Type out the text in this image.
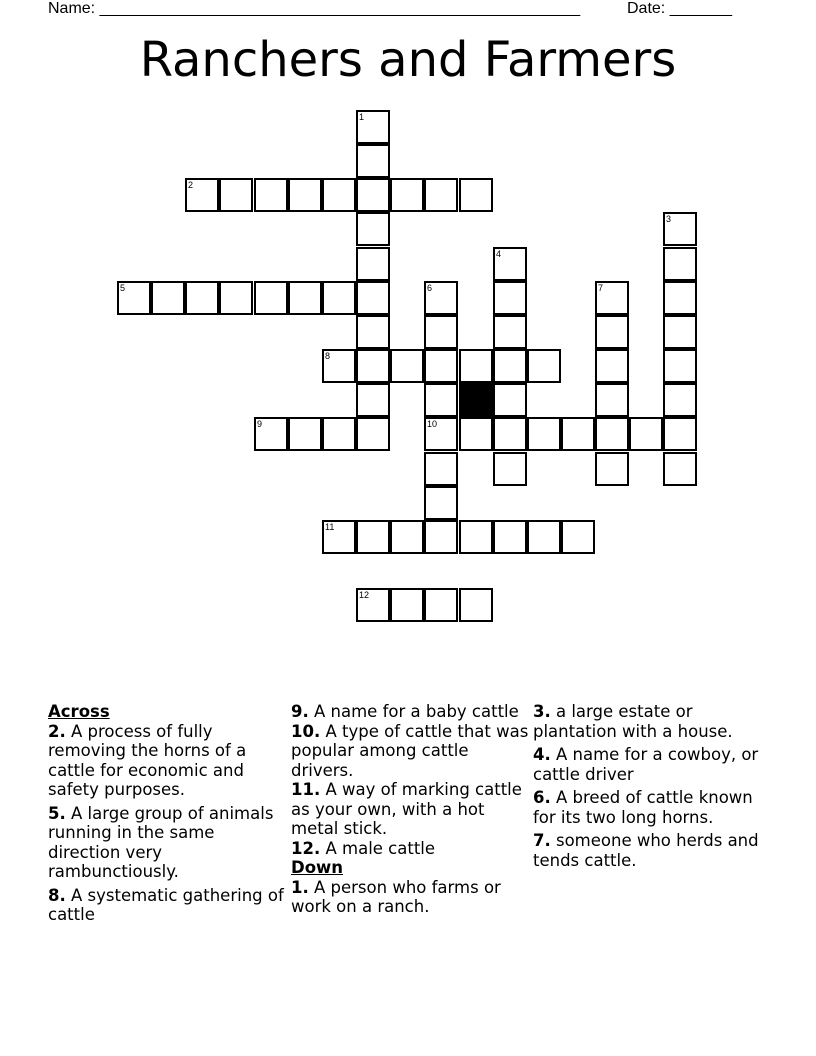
Name: ______________________________________________________	Date: _______
Ranchers and Farmers
1
2
3
4
5	6
10
7
8
9
11
12
Across
2. A process of fully removing the horns of a cattle for economic and safety purposes.
5. A large group of animals running in the same direction very rambunctiously.
8. A systematic gathering of cattle
9. A name for a baby cattle
10. A type of cattle that was popular among cattle drivers.
11. A way of marking cattle as your own, with a hot metal stick.
12. A male cattle
Down
1. A person who farms or work on a ranch.
3. a large estate or plantation with a house.
4. A name for a cowboy, or cattle driver
6. A breed of cattle known for its two long horns.
7. someone who herds and tends cattle.
